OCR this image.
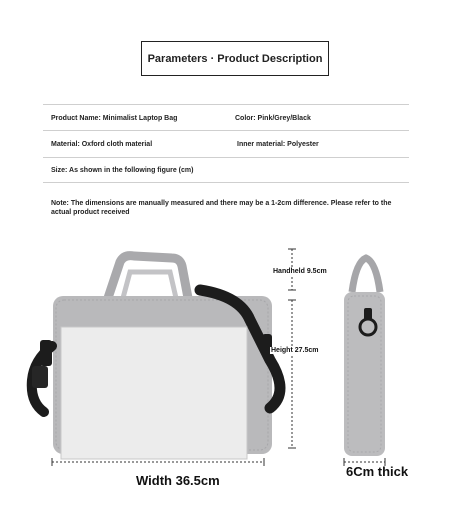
Parameters · Product Description
Product Name: Minimalist Laptop Bag	Color: Pink/Grey/Black
Material: Oxford cloth material	Inner material: Polyester
Size: As shown in the following figure (cm)
Note: The dimensions are manually measured and there may be a 1-2cm difference. Please refer to the actual product received
Handheld 9.5cm
Height 27.5cm
Width 36.5cm
6Cm thick
